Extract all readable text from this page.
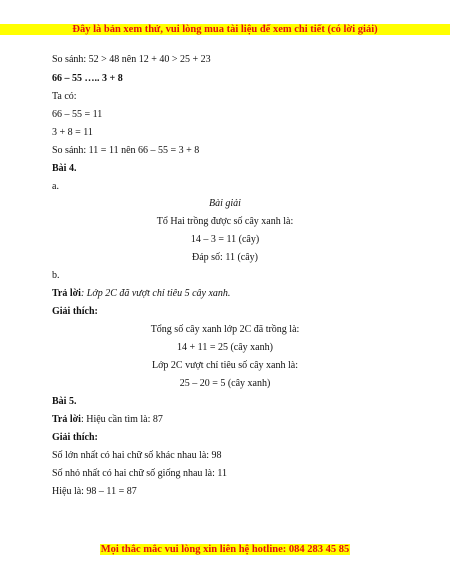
Đây là bản xem thử, vui lòng mua tài liệu để xem chi tiết (có lời giải)
So sánh: 52 > 48 nên 12 + 40 > 25 + 23
66 – 55 ….. 3 + 8
Ta có:
66 – 55 = 11
3 + 8 = 11
So sánh: 11 = 11 nên 66 – 55 = 3 + 8
Bài 4.
a.
Bài giải
Tổ Hai trồng được số cây xanh là:
14 – 3 = 11 (cây)
Đáp số: 11 (cây)
b.
Trả lời: Lớp 2C đã vượt chỉ tiêu 5 cây xanh.
Giải thích:
Tổng số cây xanh lớp 2C đã trồng là:
14 + 11 = 25 (cây xanh)
Lớp 2C vượt chỉ tiêu số cây xanh là:
25 – 20 = 5 (cây xanh)
Bài 5.
Trả lời: Hiệu cần tìm là: 87
Giải thích:
Số lớn nhất có hai chữ số khác nhau là: 98
Số nhỏ nhất có hai chữ số giống nhau là: 11
Hiệu là: 98 – 11 = 87
Mọi thắc mắc vui lòng xin liên hệ hotline: 084 283 45 85
